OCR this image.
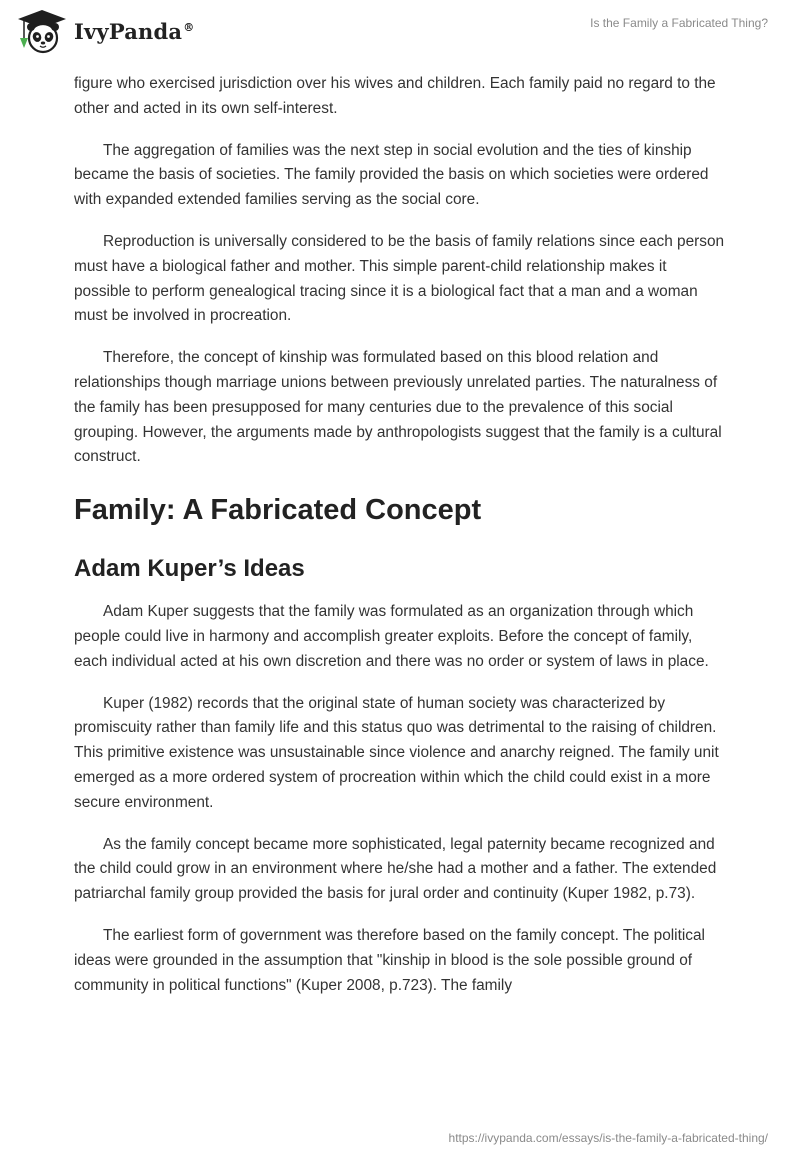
IvyPanda®	Is the Family a Fabricated Thing?

figure who exercised jurisdiction over his wives and children. Each family paid no regard to the other and acted in its own self-interest.

The aggregation of families was the next step in social evolution and the ties of kinship became the basis of societies. The family provided the basis on which societies were ordered with expanded extended families serving as the social core.

Reproduction is universally considered to be the basis of family relations since each person must have a biological father and mother. This simple parent-child relationship makes it possible to perform genealogical tracing since it is a biological fact that a man and a woman must be involved in procreation.

Therefore, the concept of kinship was formulated based on this blood relation and relationships though marriage unions between previously unrelated parties. The naturalness of the family has been presupposed for many centuries due to the prevalence of this social grouping. However, the arguments made by anthropologists suggest that the family is a cultural construct.

Family: A Fabricated Concept
Adam Kuper’s Ideas

Adam Kuper suggests that the family was formulated as an organization through which people could live in harmony and accomplish greater exploits. Before the concept of family, each individual acted at his own discretion and there was no order or system of laws in place.

Kuper (1982) records that the original state of human society was characterized by promiscuity rather than family life and this status quo was detrimental to the raising of children. This primitive existence was unsustainable since violence and anarchy reigned. The family unit emerged as a more ordered system of procreation within which the child could exist in a more secure environment.

As the family concept became more sophisticated, legal paternity became recognized and the child could grow in an environment where he/she had a mother and a father. The extended patriarchal family group provided the basis for jural order and continuity (Kuper 1982, p.73).

The earliest form of government was therefore based on the family concept. The political ideas were grounded in the assumption that "kinship in blood is the sole possible ground of community in political functions" (Kuper 2008, p.723). The family

https://ivypanda.com/essays/is-the-family-a-fabricated-thing/
